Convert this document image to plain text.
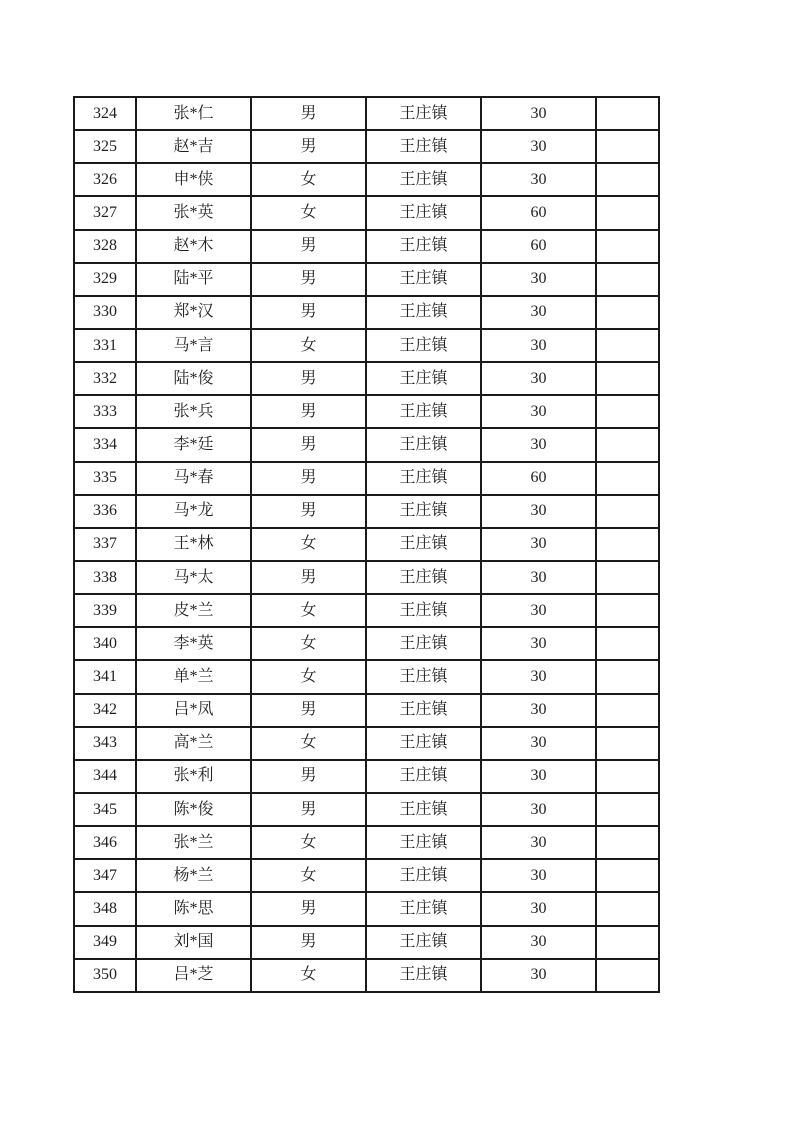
324	张*仁	男	王庄镇	30	
325	赵*吉	男	王庄镇	30	
326	申*侠	女	王庄镇	30	
327	张*英	女	王庄镇	60	
328	赵*木	男	王庄镇	60	
329	陆*平	男	王庄镇	30	
330	郑*汉	男	王庄镇	30	
331	马*言	女	王庄镇	30	
332	陆*俊	男	王庄镇	30	
333	张*兵	男	王庄镇	30	
334	李*廷	男	王庄镇	30	
335	马*春	男	王庄镇	60	
336	马*龙	男	王庄镇	30	
337	王*林	女	王庄镇	30	
338	马*太	男	王庄镇	30	
339	皮*兰	女	王庄镇	30	
340	李*英	女	王庄镇	30	
341	单*兰	女	王庄镇	30	
342	吕*凤	男	王庄镇	30	
343	高*兰	女	王庄镇	30	
344	张*利	男	王庄镇	30	
345	陈*俊	男	王庄镇	30	
346	张*兰	女	王庄镇	30	
347	杨*兰	女	王庄镇	30	
348	陈*思	男	王庄镇	30	
349	刘*国	男	王庄镇	30	
350	吕*芝	女	王庄镇	30	
